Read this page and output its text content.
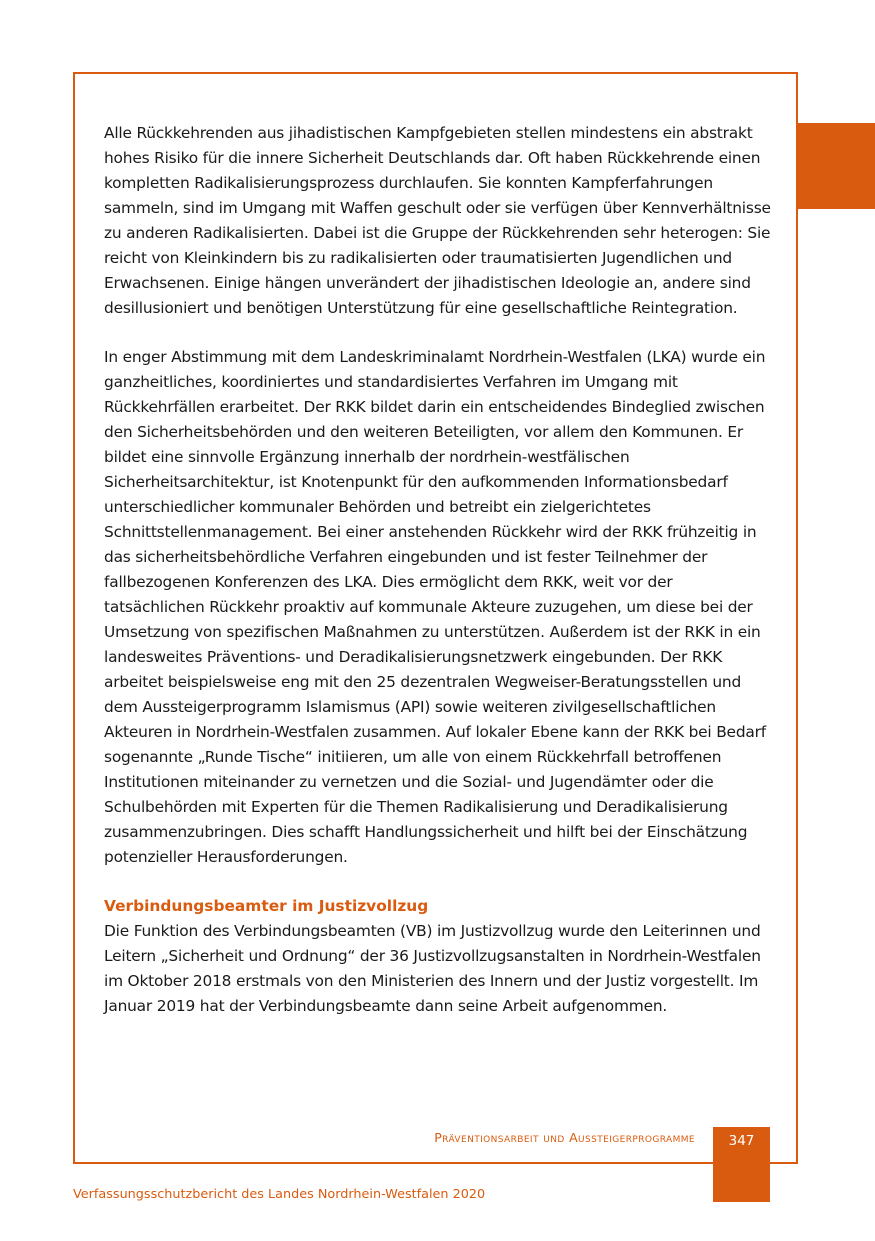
Alle Rückkehrenden aus jihadistischen Kampfgebieten stellen mindestens ein abstrakt hohes Risiko für die innere Sicherheit Deutschlands dar. Oft haben Rückkehrende einen kompletten Radikalisierungsprozess durchlaufen. Sie konnten Kampferfahrungen sammeln, sind im Umgang mit Waffen geschult oder sie verfügen über Kennverhältnisse zu anderen Radikalisierten. Dabei ist die Gruppe der Rückkehrenden sehr heterogen: Sie reicht von Kleinkindern bis zu radikalisierten oder traumatisierten Jugendlichen und Erwachsenen. Einige hängen unverändert der jihadistischen Ideologie an, andere sind desillusioniert und benötigen Unterstützung für eine gesellschaftliche Reintegration.

In enger Abstimmung mit dem Landeskriminalamt Nordrhein-Westfalen (LKA) wurde ein ganzheitliches, koordiniertes und standardisiertes Verfahren im Umgang mit Rückkehrfällen erarbeitet. Der RKK bildet darin ein entscheidendes Bindeglied zwischen den Sicherheitsbehörden und den weiteren Beteiligten, vor allem den Kommunen. Er bildet eine sinnvolle Ergänzung innerhalb der nordrhein-westfälischen Sicherheitsarchitektur, ist Knotenpunkt für den aufkommenden Informationsbedarf unterschiedlicher kommunaler Behörden und betreibt ein zielgerichtetes Schnittstellenmanagement. Bei einer anstehenden Rückkehr wird der RKK frühzeitig in das sicherheitsbehördliche Verfahren eingebunden und ist fester Teilnehmer der fallbezogenen Konferenzen des LKA. Dies ermöglicht dem RKK, weit vor der tatsächlichen Rückkehr proaktiv auf kommunale Akteure zuzugehen, um diese bei der Umsetzung von spezifischen Maßnahmen zu unterstützen. Außerdem ist der RKK in ein landesweites Präventions- und Deradikalisierungsnetzwerk eingebunden. Der RKK arbeitet beispielsweise eng mit den 25 dezentralen Wegweiser-Beratungsstellen und dem Aussteigerprogramm Islamismus (API) sowie weiteren zivilgesellschaftlichen Akteuren in Nordrhein-Westfalen zusammen. Auf lokaler Ebene kann der RKK bei Bedarf sogenannte „Runde Tische“ initiieren, um alle von einem Rückkehrfall betroffenen Institutionen miteinander zu vernetzen und die Sozial- und Jugendämter oder die Schulbehörden mit Experten für die Themen Radikalisierung und Deradikalisierung zusammenzubringen. Dies schafft Handlungssicherheit und hilft bei der Einschätzung potenzieller Herausforderungen.

Verbindungsbeamter im Justizvollzug

Die Funktion des Verbindungsbeamten (VB) im Justizvollzug wurde den Leiterinnen und Leitern „Sicherheit und Ordnung“ der 36 Justizvollzugsanstalten in Nordrhein-Westfalen im Oktober 2018 erstmals von den Ministerien des Innern und der Justiz vorgestellt. Im Januar 2019 hat der Verbindungsbeamte dann seine Arbeit aufgenommen.

Präventionsarbeit und Aussteigerprogramme	347
Verfassungsschutzbericht des Landes Nordrhein-Westfalen 2020
